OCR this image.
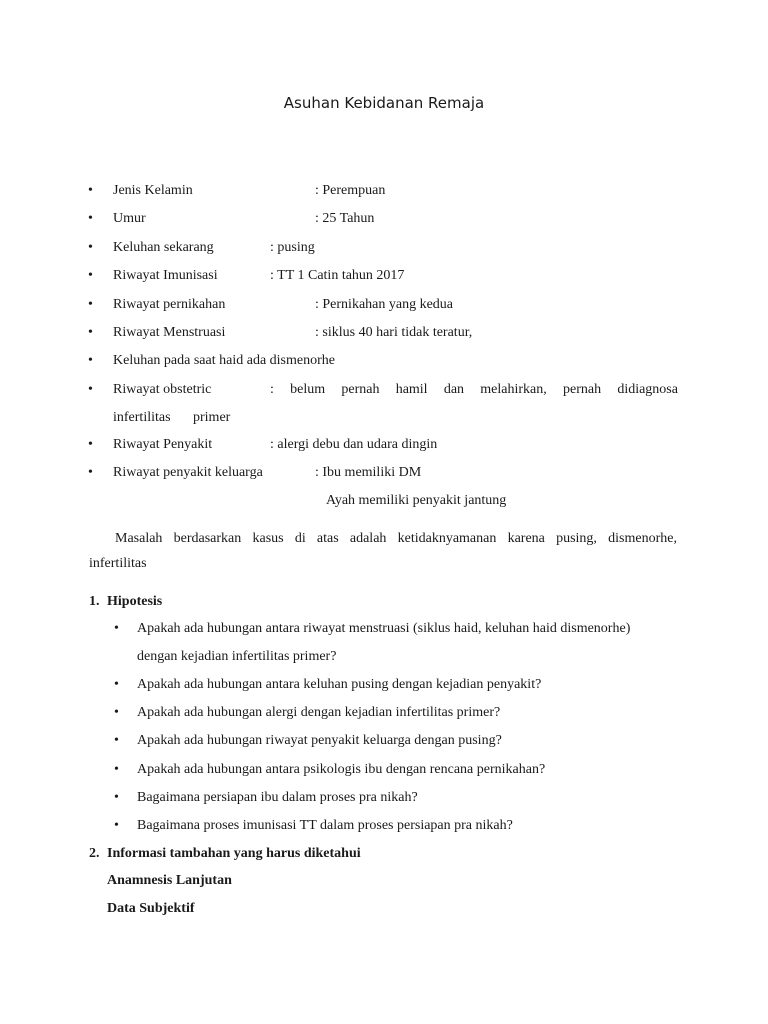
Asuhan Kebidanan Remaja
• Jenis Kelamin	: Perempuan
• Umur	: 25 Tahun
• Keluhan sekarang	: pusing
• Riwayat Imunisasi	: TT 1 Catin tahun 2017
• Riwayat pernikahan	: Pernikahan yang kedua
• Riwayat Menstruasi	: siklus 40 hari tidak teratur,
• Keluhan pada saat haid ada dismenorhe
• Riwayat obstetric	: belum pernah hamil dan melahirkan, pernah didiagnosa
infertilitas primer
• Riwayat Penyakit	: alergi debu dan udara dingin
• Riwayat penyakit keluarga	: Ibu memiliki DM
Ayah memiliki penyakit jantung
Masalah berdasarkan kasus di atas adalah ketidaknyamanan karena pusing, dismenorhe,
infertilitas
1. Hipotesis
• Apakah ada hubungan antara riwayat menstruasi (siklus haid, keluhan haid dismenorhe)
dengan kejadian infertilitas primer?
• Apakah ada hubungan antara keluhan pusing dengan kejadian penyakit?
• Apakah ada hubungan alergi dengan kejadian infertilitas primer?
• Apakah ada hubungan riwayat penyakit keluarga dengan pusing?
• Apakah ada hubungan antara psikologis ibu dengan rencana pernikahan?
• Bagaimana persiapan ibu dalam proses pra nikah?
• Bagaimana proses imunisasi TT dalam proses persiapan pra nikah?
2. Informasi tambahan yang harus diketahui
Anamnesis Lanjutan
Data Subjektif
